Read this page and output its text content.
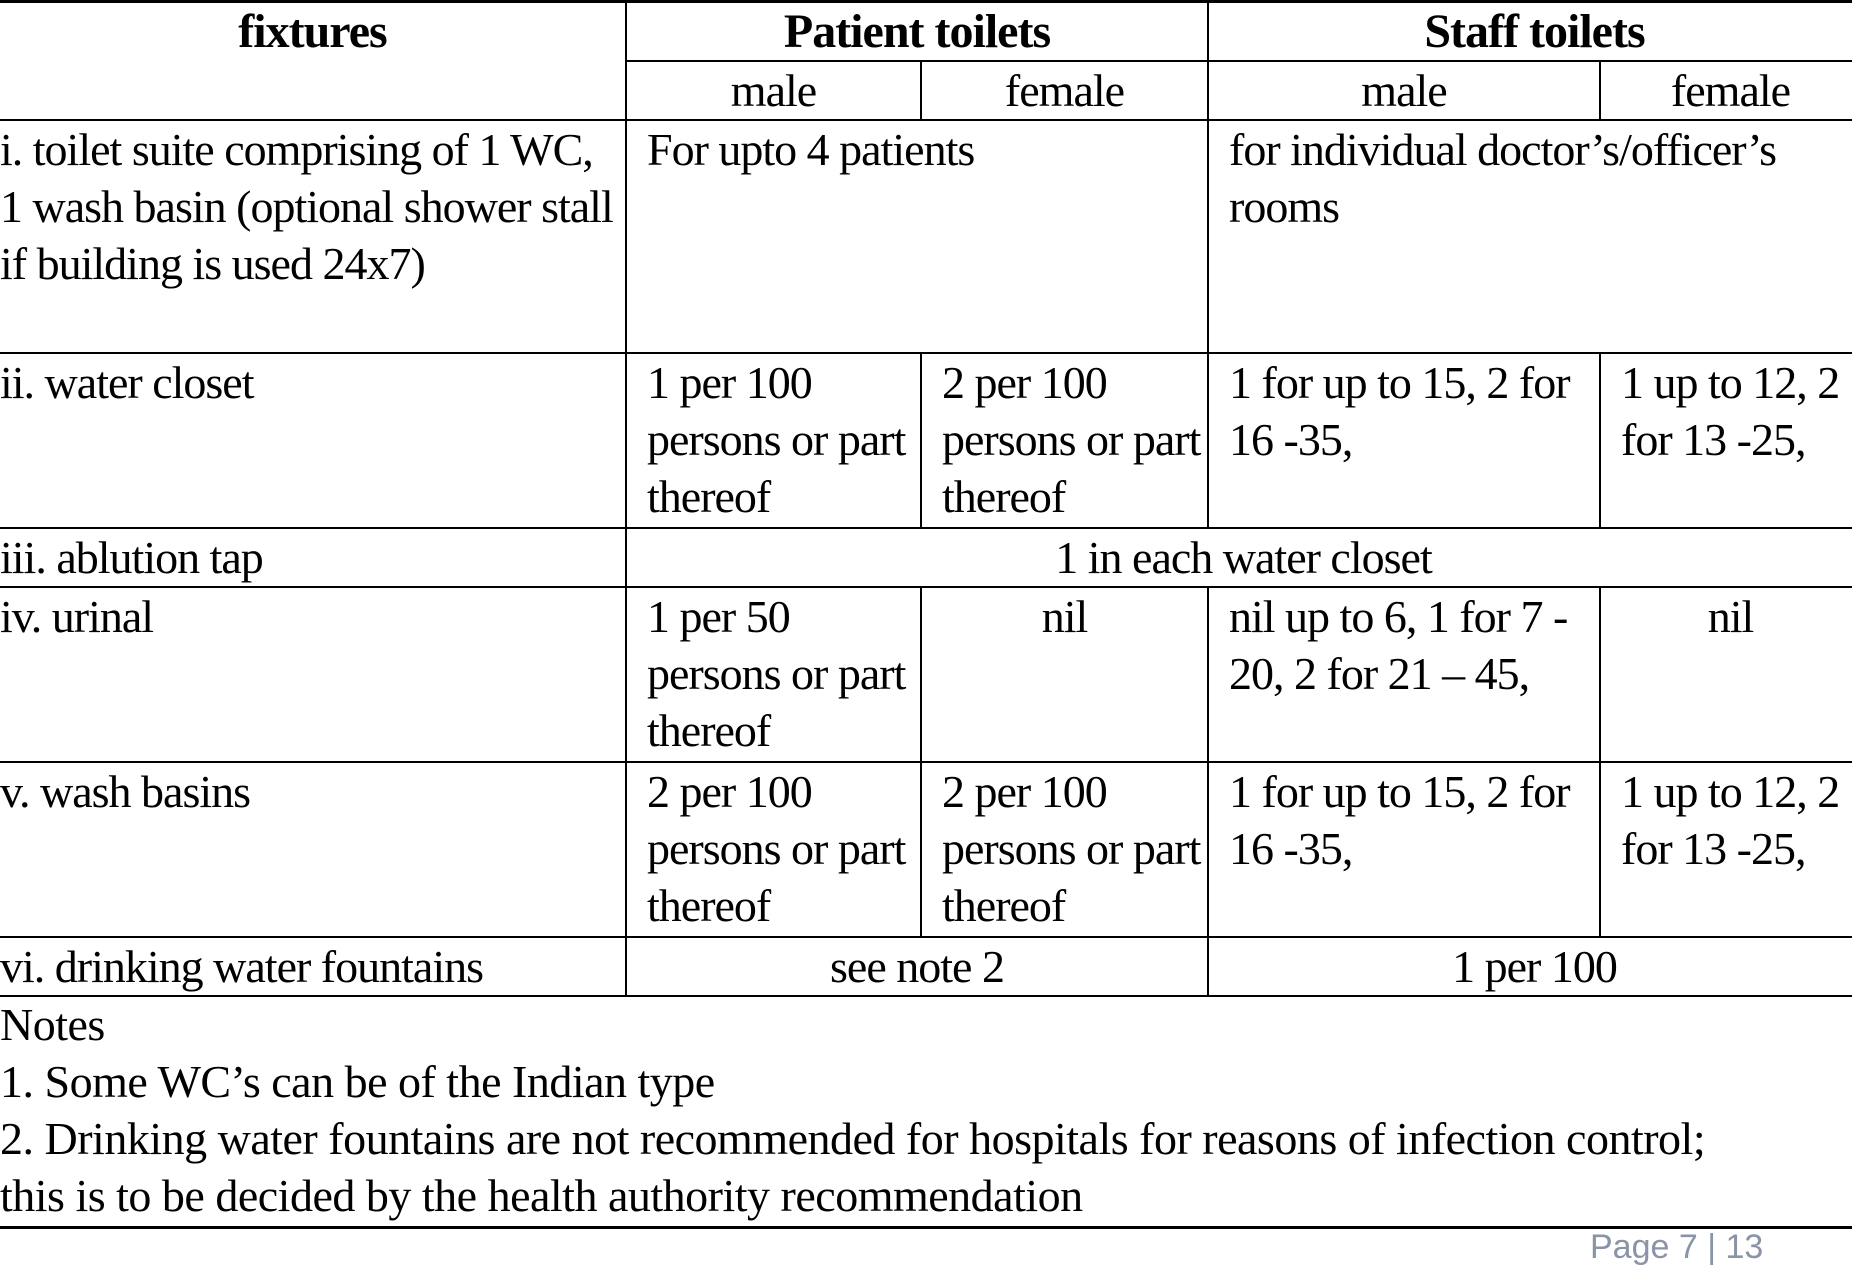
fixtures	Patient toilets		Staff toilets	
	male	female	male	female
i. toilet suite comprising of 1 WC, 1 wash basin (optional shower stall if building is used 24x7)	For upto 4 patients		for individual doctor’s/officer’s rooms	
ii. water closet	1 per 100 persons or part thereof	2 per 100 persons or part thereof	1 for up to 15, 2 for 16 -35,	1 up to 12, 2 for 13 -25,
iii. ablution tap	1 in each water closet			
iv. urinal	1 per 50 persons or part thereof	nil	nil up to 6, 1 for 7 - 20, 2 for 21 – 45,	nil
v. wash basins	2 per 100 persons or part thereof	2 per 100 persons or part thereof	1 for up to 15, 2 for 16 -35,	1 up to 12, 2 for 13 -25,
vi. drinking water fountains	see note 2		1 per 100	
Notes
1. Some WC’s can be of the Indian type
2. Drinking water fountains are not recommended for hospitals for reasons of infection control; this is to be decided by the health authority recommendation
Page 7 | 13
